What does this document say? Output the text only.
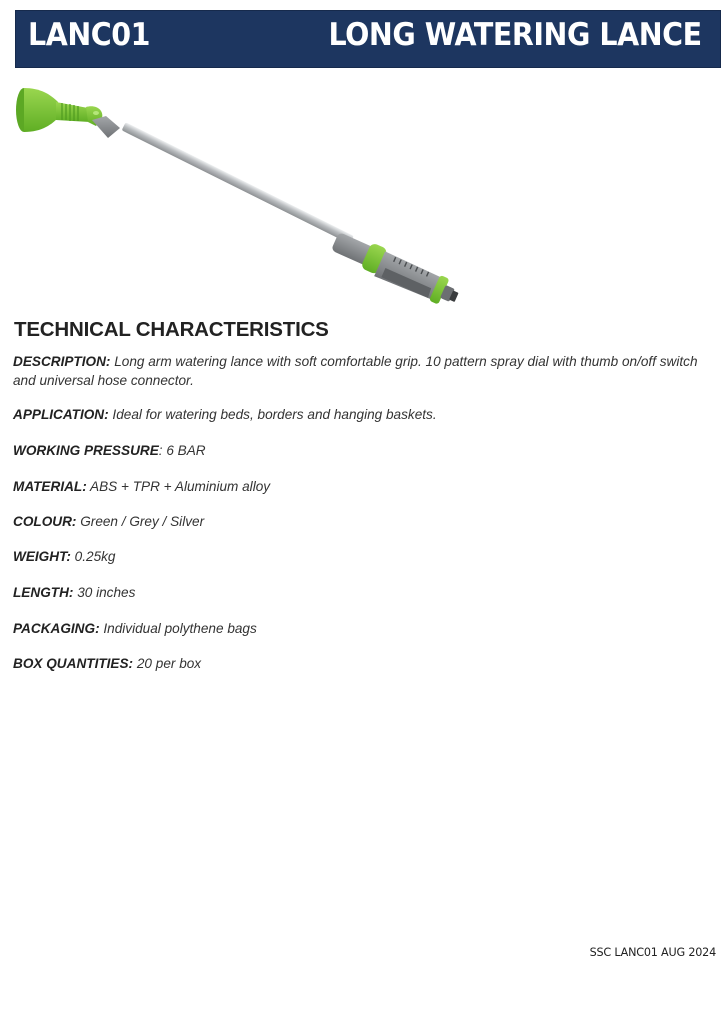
LANC01	LONG WATERING LANCE
TECHNICAL CHARACTERISTICS
DESCRIPTION: Long arm watering lance with soft comfortable grip. 10 pattern spray dial with thumb on/off switch and universal hose connector.
APPLICATION: Ideal for watering beds, borders and hanging baskets.
WORKING PRESSURE: 6 BAR
MATERIAL: ABS + TPR + Aluminium alloy
COLOUR: Green / Grey / Silver
WEIGHT: 0.25kg
LENGTH: 30 inches
PACKAGING: Individual polythene bags
BOX QUANTITIES: 20 per box
SSC LANC01 AUG 2024
